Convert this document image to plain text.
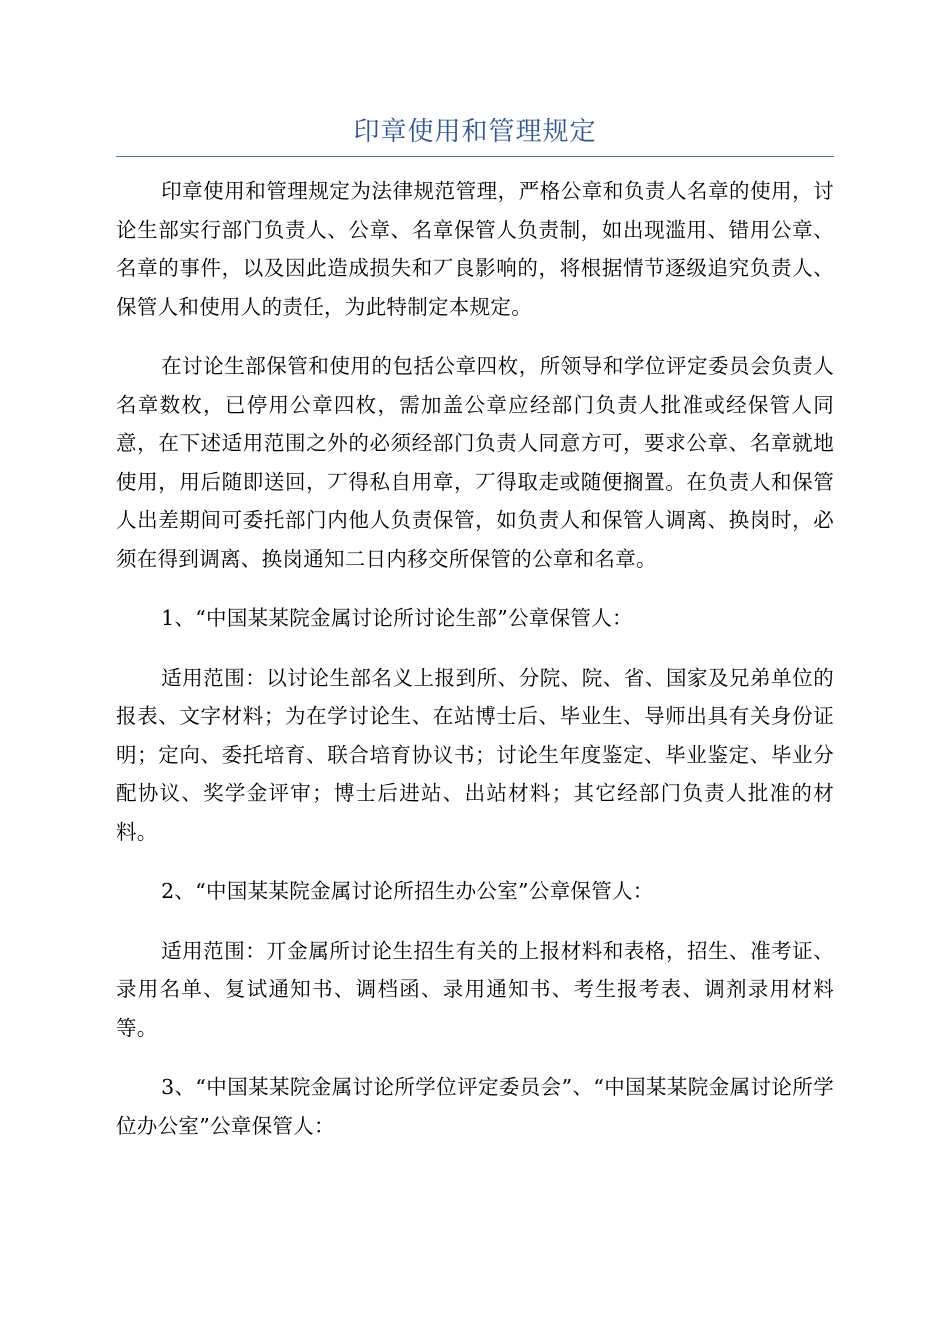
印章使用和管理规定

印章使用和管理规定为法律规范管理，严格公章和负责人名章的使用，讨论生部实行部门负责人、公章、名章保管人负责制，如出现滥用、错用公章、名章的事件，以及因此造成损失和丆良影响的，将根据情节逐级追究负责人、保管人和使用人的责任，为此特制定本规定。

在讨论生部保管和使用的包括公章四枚，所领导和学位评定委员会负责人名章数枚，已停用公章四枚，需加盖公章应经部门负责人批准或经保管人同意，在下述适用范围之外的必须经部门负责人同意方可，要求公章、名章就地使用，用后随即送回，丆得私自用章，丆得取走或随便搁置。在负责人和保管人出差期间可委托部门内他人负责保管，如负责人和保管人调离、换岗时，必须在得到调离、换岗通知二日内移交所保管的公章和名章。

1、“中国某某院金属讨论所讨论生部”公章保管人：

适用范围：以讨论生部名义上报到所、分院、院、省、国家及兄弟单位的报表、文字材料；为在学讨论生、在站博士后、毕业生、导师出具有关身份证明；定向、委托培育、联合培育协议书；讨论生年度鉴定、毕业鉴定、毕业分配协议、奖学金评审；博士后进站、出站材料；其它经部门负责人批准的材料。

2、“中国某某院金属讨论所招生办公室”公章保管人：

适用范围：丌金属所讨论生招生有关的上报材料和表格，招生、准考证、录用名单、复试通知书、调档函、录用通知书、考生报考表、调剂录用材料等。

3、“中国某某院金属讨论所学位评定委员会”、“中国某某院金属讨论所学位办公室”公章保管人：
